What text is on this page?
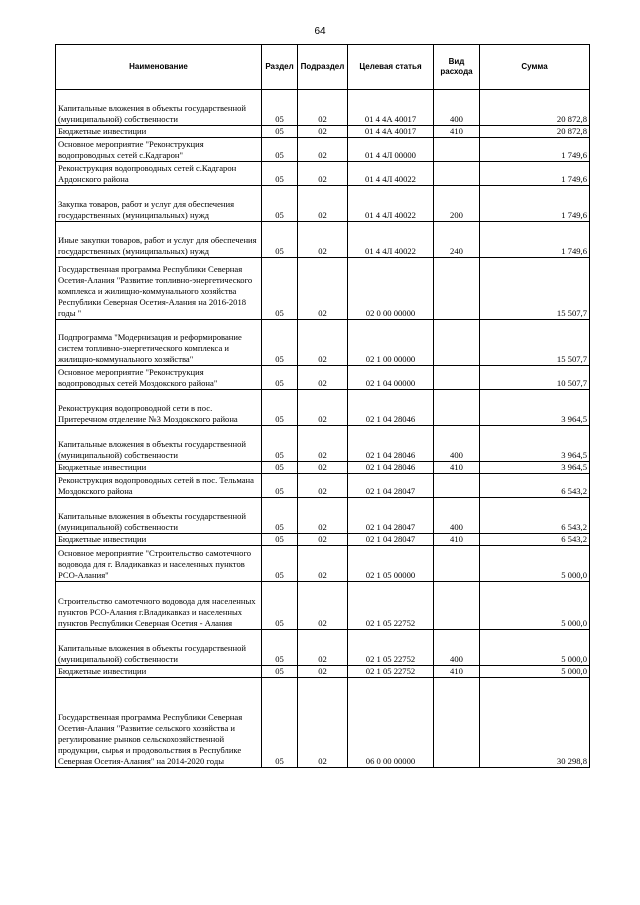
64
Наименование	Раздел	Подраздел	Целевая статья	Вид расхода	Сумма
Капитальные вложения в объекты государственной (муниципальной) собственности	05	02	01 4 4А 40017	400	20 872,8
Бюджетные инвестиции	05	02	01 4 4А 40017	410	20 872,8
Основное мероприятие "Реконструкция водопроводных сетей с.Кадгарон"	05	02	01 4 4Л 00000		1 749,6
Реконструкция водопроводных сетей с.Кадгарон Ардонского района	05	02	01 4 4Л 40022		1 749,6
Закупка товаров, работ и услуг для обеспечения государственных (муниципальных) нужд	05	02	01 4 4Л 40022	200	1 749,6
Иные закупки товаров, работ и услуг для обеспечения государственных (муниципальных) нужд	05	02	01 4 4Л 40022	240	1 749,6
Государственная программа Республики Северная Осетия-Алания "Развитие топливно-энергетического комплекса и жилищно-коммунального хозяйства Республики Северная Осетия-Алания на 2016-2018 годы "	05	02	02 0 00 00000		15 507,7
Подпрограмма "Модернизация и реформирование систем топливно-энергетического комплекса и жилищно-коммунального хозяйства"	05	02	02 1 00 00000		15 507,7
Основное мероприятие "Реконструкция водопроводных сетей Моздокского района"	05	02	02 1 04 00000		10 507,7
Реконструкция водопроводной сети в пос. Притеречном отделение №3 Моздокского района	05	02	02 1 04 28046		3 964,5
Капитальные вложения в объекты государственной (муниципальной) собственности	05	02	02 1 04 28046	400	3 964,5
Бюджетные инвестиции	05	02	02 1 04 28046	410	3 964,5
Реконструкция водопроводных сетей в пос. Тельмана Моздокского района	05	02	02 1 04 28047		6 543,2
Капитальные вложения в объекты государственной (муниципальной) собственности	05	02	02 1 04 28047	400	6 543,2
Бюджетные инвестиции	05	02	02 1 04 28047	410	6 543,2
Основное мероприятие "Строительство самотечного водовода для г. Владикавказ и населенных пунктов РСО-Алания"	05	02	02 1 05 00000		5 000,0
Строительство самотечного водовода для населенных пунктов РСО-Алания г.Владикавказ и населенных пунктов Республики Северная Осетия - Алания	05	02	02 1 05 22752		5 000,0
Капитальные вложения в объекты государственной (муниципальной) собственности	05	02	02 1 05 22752	400	5 000,0
Бюджетные инвестиции	05	02	02 1 05 22752	410	5 000,0
Государственная программа Республики Северная Осетия-Алания "Развитие сельского хозяйства и регулирование рынков сельскохозяйственной продукции, сырья и продовольствия в Республике Северная Осетия-Алания" на 2014-2020 годы	05	02	06 0 00 00000		30 298,8
